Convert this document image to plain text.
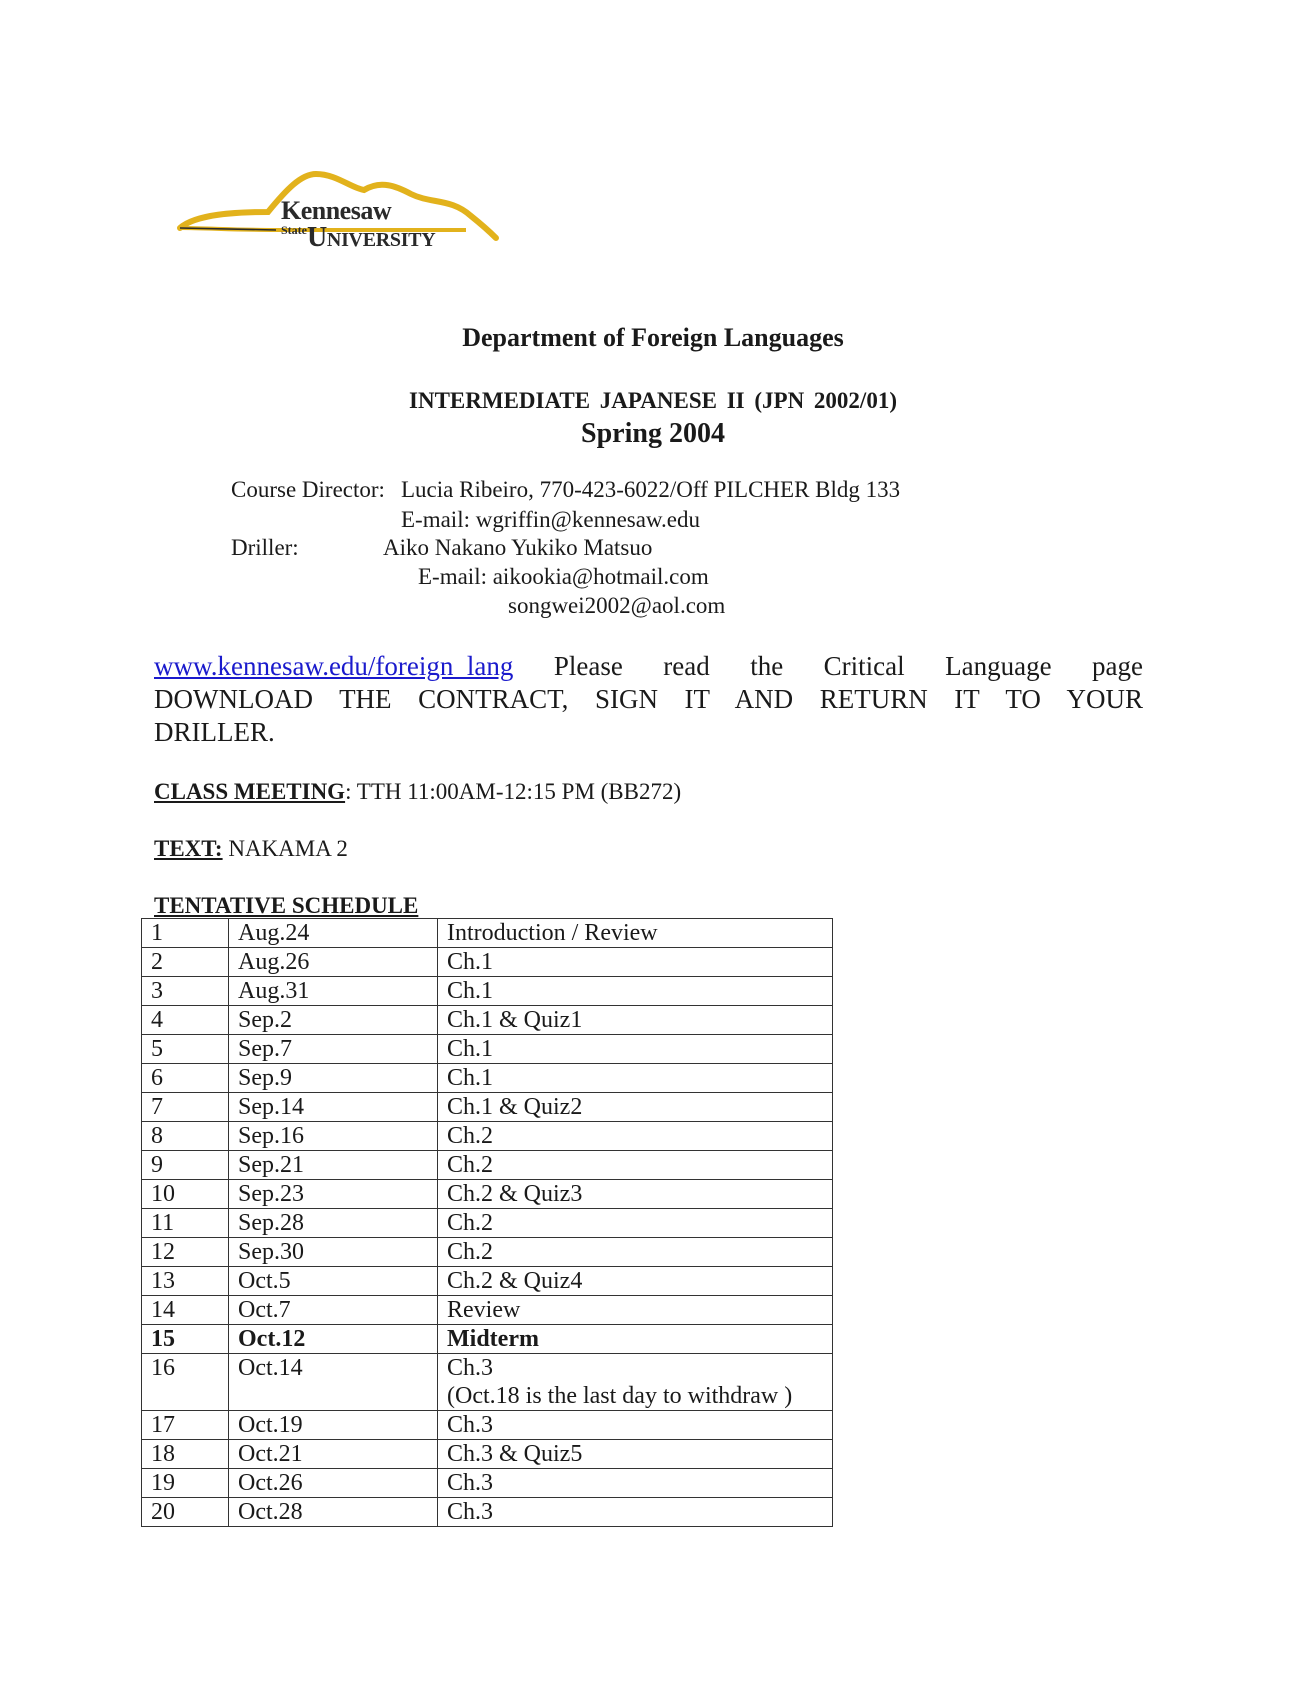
Kennesaw
$^{State}$UNIVERSITY
Department of Foreign Languages
INTERMEDIATE JAPANESE II (JPN 2002/01)
Spring 2004
Course Director: Lucia Ribeiro, 770-423-6022/Off PILCHER Bldg 133
E-mail: wgriffin@kennesaw.edu
Driller:	Aiko Nakano Yukiko Matsuo
E-mail: aikookia@hotmail.com
songwei2002@aol.com
www.kennesaw.edu/foreign_lang Please read the Critical Language page
DOWNLOAD THE CONTRACT, SIGN IT AND RETURN IT TO YOUR
DRILLER.
CLASS MEETING: TTH 11:00AM-12:15 PM (BB272)
TEXT: NAKAMA 2
TENTATIVE SCHEDULE
1	Aug.24	Introduction / Review

2	Aug.26	Ch.1

3	Aug.31	Ch.1

4	Sep.2	Ch.1 & Quiz1

5	Sep.7	Ch.1

6	Sep.9	Ch.1

7	Sep.14	Ch.1 & Quiz2

8	Sep.16	Ch.2

9	Sep.21	Ch.2

10	Sep.23	Ch.2 & Quiz3

11	Sep.28	Ch.2

12	Sep.30	Ch.2

13	Oct.5	Ch.2 & Quiz4

14	Oct.7	Review

15	Oct.12	Midterm

16	Oct.14	Ch.3
(Oct.18 is the last day to withdraw )

17	Oct.19	Ch.3

18	Oct.21	Ch.3 & Quiz5

19	Oct.26	Ch.3

20	Oct.28	Ch.3
